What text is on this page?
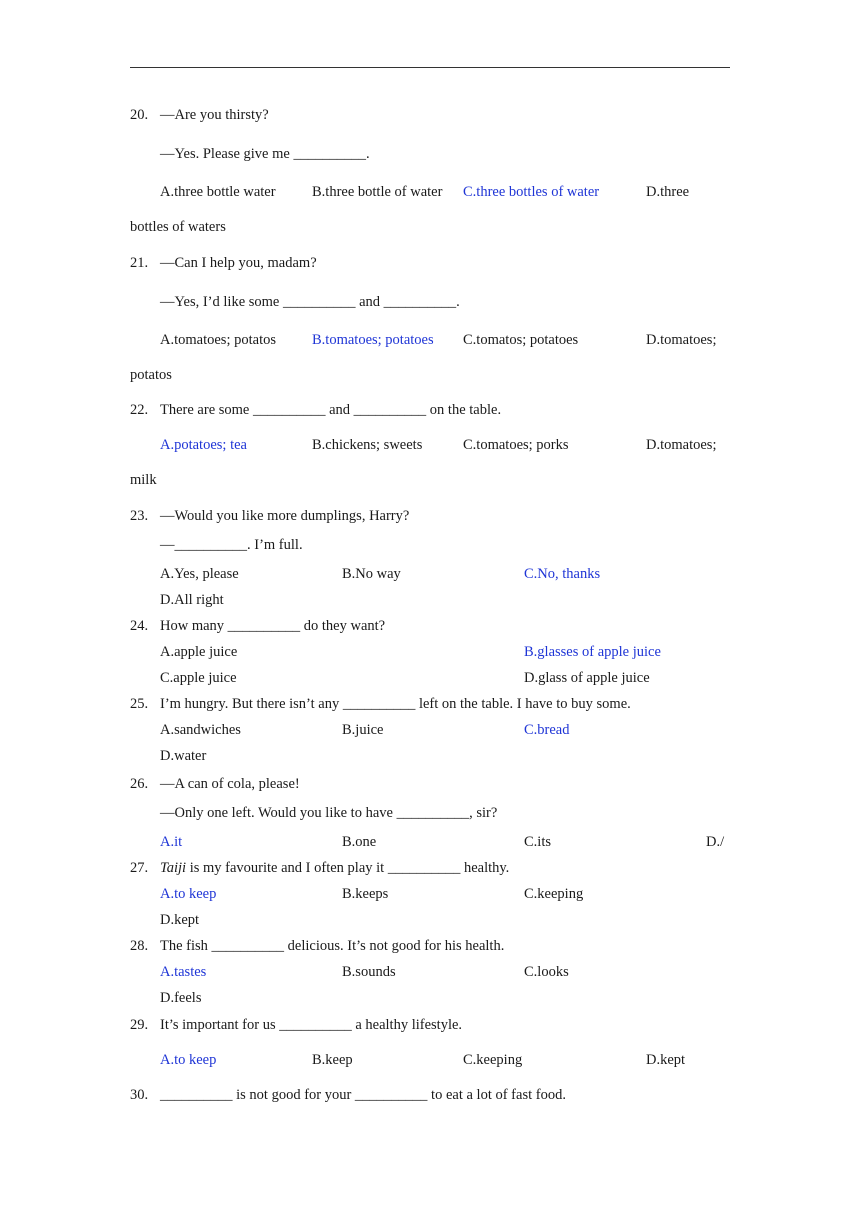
20. —Are you thirsty?
—Yes. Please give me __________.
A.three bottle water	B.three bottle of water C.three bottles of water	D.three
bottles of waters
21. —Can I help you, madam?
—Yes, I’d like some __________ and __________.
A.tomatoes; potatos B.tomatoes; potatoes C.tomatos; potatoes	D.tomatoes;
potatos
22. There are some __________ and __________ on the table.
A.potatoes; tea	B.chickens; sweets	C.tomatoes; porks	D.tomatoes;
milk
23. —Would you like more dumplings, Harry?
—__________. I’m full.
A.Yes, please	B.No way	C.No, thanks
D.All right
24. How many __________ do they want?
A.apple juice	B.glasses of apple juice
C.apple juice	D.glass of apple juice
25. I’m hungry. But there isn’t any __________ left on the table. I have to buy some.
A.sandwiches	B.juice	C.bread
D.water
26. —A can of cola, please!
—Only one left. Would you like to have __________, sir?
A.it	B.one	C.its	D./
27. Taiji is my favourite and I often play it __________ healthy.
A.to keep	B.keeps	C.keeping
D.kept
28. The fish __________ delicious. It’s not good for his health.
A.tastes	B.sounds	C.looks
D.feels
29. It’s important for us __________ a healthy lifestyle.
A.to keep	B.keep	C.keeping	D.kept
30. __________ is not good for your __________ to eat a lot of fast food.
